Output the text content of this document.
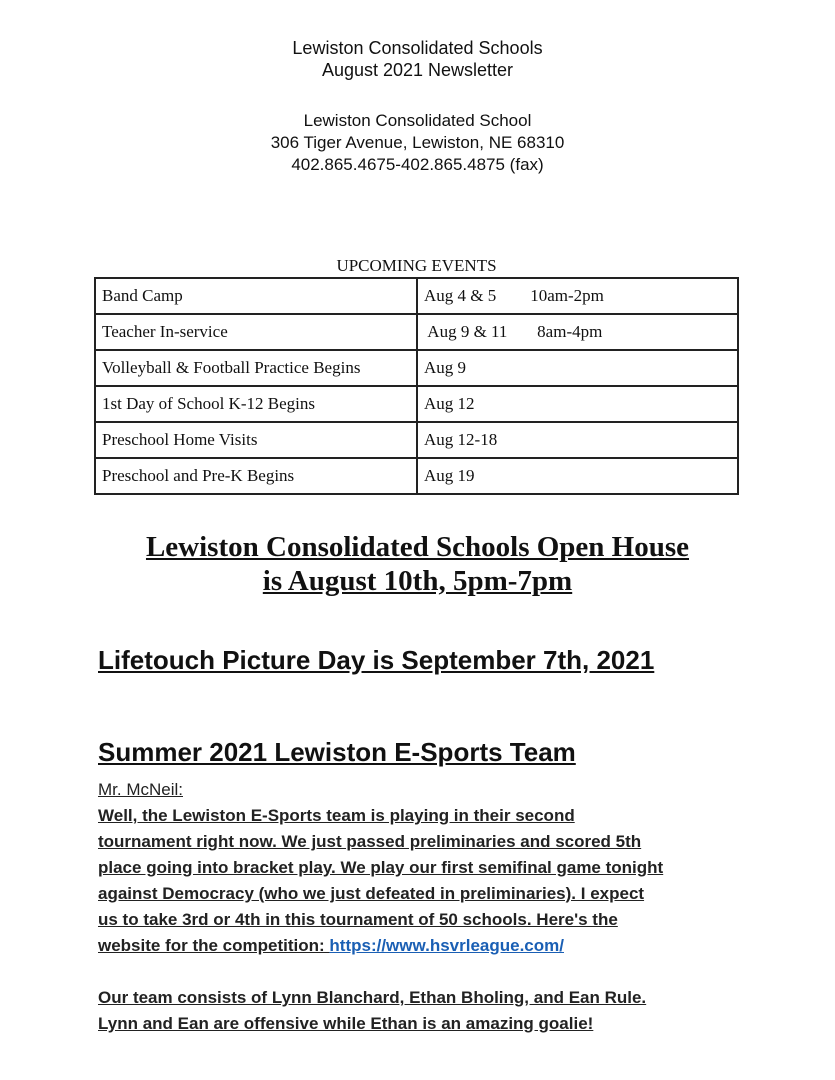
Lewiston Consolidated Schools
August 2021 Newsletter
Lewiston Consolidated School
306 Tiger Avenue, Lewiston, NE 68310
402.865.4675-402.865.4875 (fax)
UPCOMING EVENTS
Band Camp	Aug 4 & 5        10am-2pm
Teacher In-service	Aug 9 & 11       8am-4pm
Volleyball & Football Practice Begins	Aug 9
1st Day of School K-12 Begins	Aug 12
Preschool Home Visits	Aug 12-18
Preschool and Pre-K Begins	Aug 19
Lewiston Consolidated Schools Open House
is August 10th, 5pm-7pm
Lifetouch Picture Day is September 7th, 2021
Summer 2021 Lewiston E-Sports Team
Mr. McNeil:
Well, the Lewiston E-Sports team is playing in their second
tournament right now. We just passed preliminaries and scored 5th
place going into bracket play. We play our first semifinal game tonight
against Democracy (who we just defeated in preliminaries). I expect
us to take 3rd or 4th in this tournament of 50 schools. Here's the
website for the competition: https://www.hsvrleague.com/
Our team consists of Lynn Blanchard, Ethan Bholing, and Ean Rule.
Lynn and Ean are offensive while Ethan is an amazing goalie!
